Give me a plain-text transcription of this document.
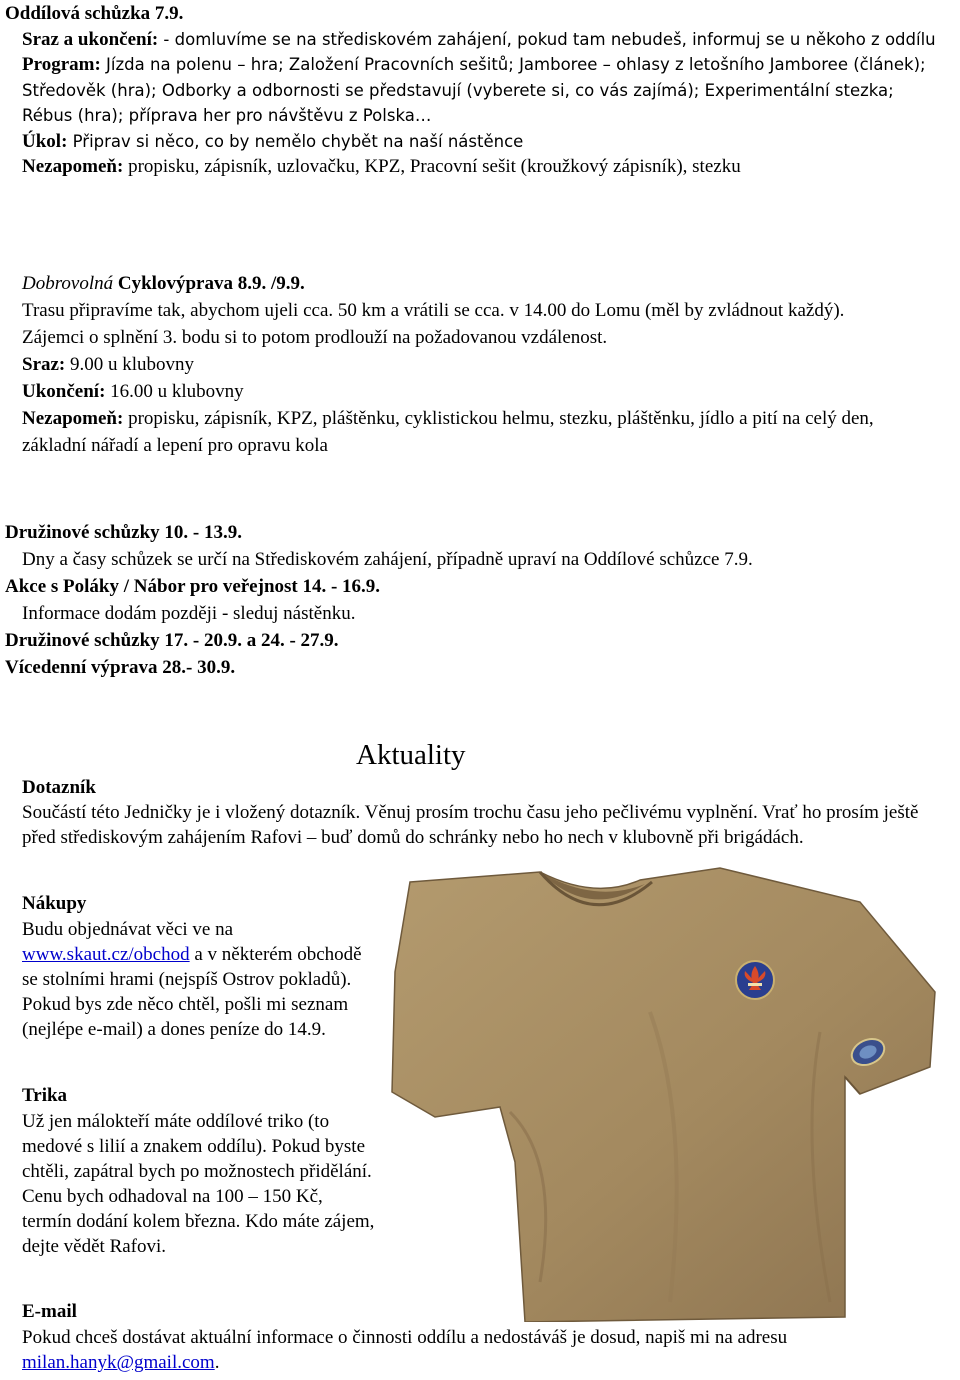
Oddílová schůzka 7.9.

Sraz a ukončení: - domluvíme se na střediskovém zahájení, pokud tam nebudeš, informuj se u někoho z oddílu

Program: Jízda na polenu – hra; Založení Pracovních sešitů; Jamboree – ohlasy z letošního Jamboree (článek); Středověk (hra); Odborky a odbornosti se představují (vyberete si, co vás zajímá); Experimentální stezka; Rébus (hra); příprava her pro návštěvu z Polska…

Úkol: Připrav si něco, co by nemělo chybět na naší nástěnce

Nezapomeň: propisku, zápisník, uzlovačku, KPZ, Pracovní sešit (kroužkový zápisník), stezku

Dobrovolná Cyklovýprava 8.9. /9.9.

Trasu připravíme tak, abychom ujeli cca. 50 km a vrátili se cca. v 14.00 do Lomu (měl by zvládnout každý). Zájemci o splnění 3. bodu si to potom prodlouží na požadovanou vzdálenost.

Sraz: 9.00 u klubovny

Ukončení: 16.00 u klubovny

Nezapomeň: propisku, zápisník, KPZ, pláštěnku, cyklistickou helmu, stezku, pláštěnku, jídlo a pití na celý den, základní nářadí a lepení pro opravu kola

Družinové schůzky 10. - 13.9.

Dny a časy schůzek se určí na Střediskovém zahájení, případně upraví na Oddílové schůzce 7.9.

Akce s Poláky / Nábor pro veřejnost 14. - 16.9.

Informace dodám později - sleduj nástěnku.

Družinové schůzky 17. - 20.9. a 24. - 27.9.

Vícedenní výprava 28.- 30.9.

Aktuality

Dotazník

Součástí této Jedničky je i vložený dotazník. Věnuj prosím trochu času jeho pečlivému vyplnění. Vrať ho prosím ještě před střediskovým zahájením Rafovi – buď domů do schránky nebo ho nech v klubovně při brigádách.

Nákupy

Budu objednávat věci ve na www.skaut.cz/obchod a v některém obchodě se stolními hrami (nejspíš Ostrov pokladů). Pokud bys zde něco chtěl, pošli mi seznam (nejlépe e-mail) a dones peníze do 14.9.

Trika

Už jen málokteří máte oddílové triko (to medové s lilií a znakem oddílu). Pokud byste chtěli, zapátral bych po možnostech přidělání. Cenu bych odhadoval na 100 – 150 Kč, termín dodání kolem března. Kdo máte zájem, dejte vědět Rafovi.

E-mail

Pokud chceš dostávat aktuální informace o činnosti oddílu a nedostáváš je dosud, napiš mi na adresu milan.hanyk@gmail.com.
